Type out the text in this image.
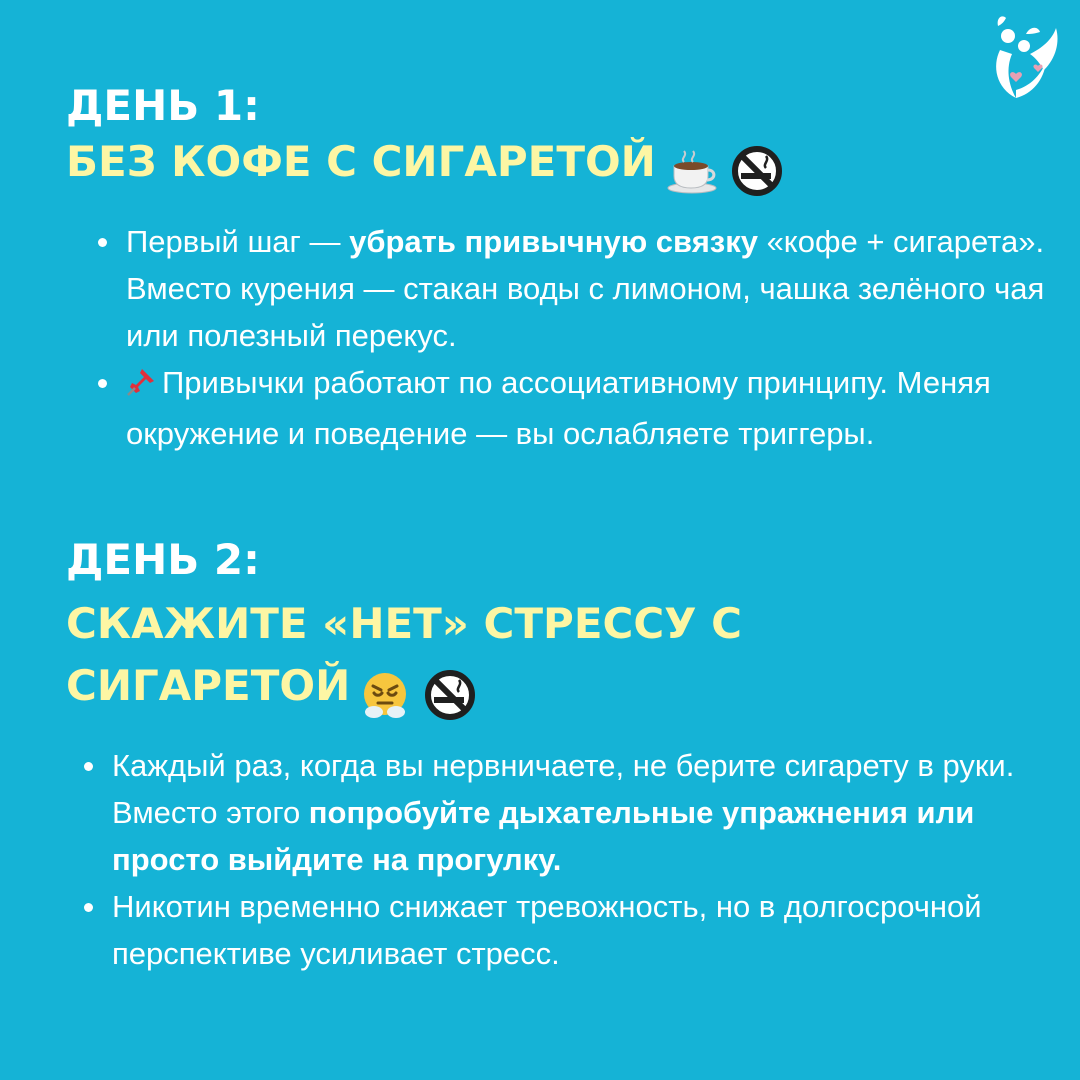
ДЕНЬ 1:
БЕЗ КОФЕ С СИГАРЕТОЙ
Первый шаг — убрать привычную связку «кофе + сигарета». Вместо курения — стакан воды с лимоном, чашка зелёного чая или полезный перекус.
Привычки работают по ассоциативному принципу. Меняя окружение и поведение — вы ослабляете триггеры.
ДЕНЬ 2:
СКАЖИТЕ «НЕТ» СТРЕССУ С
СИГАРЕТОЙ
Каждый раз, когда вы нервничаете, не берите сигарету в руки. Вместо этого попробуйте дыхательные упражнения или просто выйдите на прогулку.
Никотин временно снижает тревожность, но в долгосрочной перспективе усиливает стресс.
